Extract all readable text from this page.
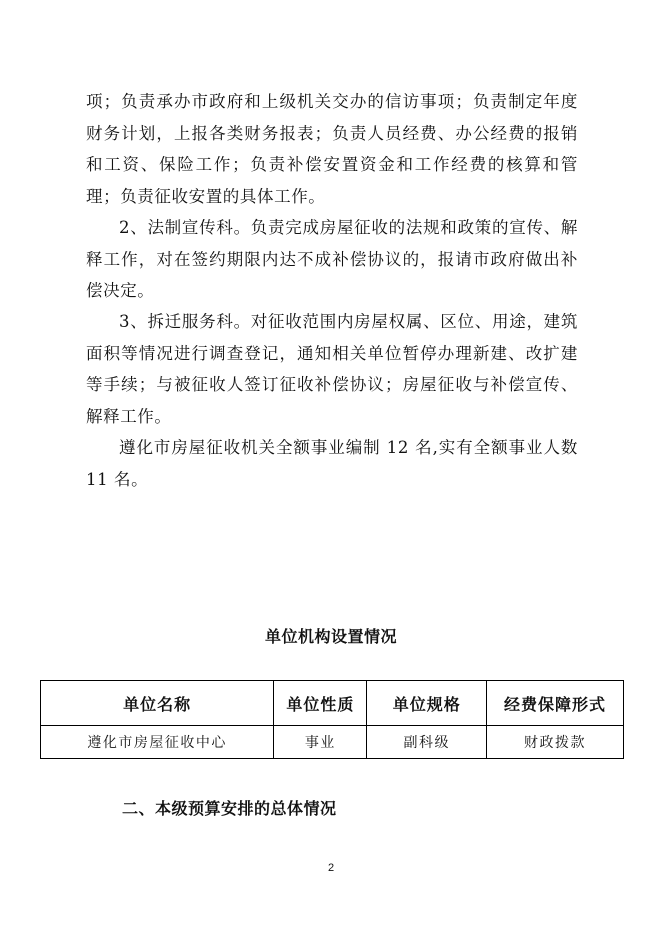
项；负责承办市政府和上级机关交办的信访事项；负责制定年度财务计划，上报各类财务报表；负责人员经费、办公经费的报销和工资、保险工作；负责补偿安置资金和工作经费的核算和管理；负责征收安置的具体工作。

2、法制宣传科。负责完成房屋征收的法规和政策的宣传、解释工作，对在签约期限内达不成补偿协议的，报请市政府做出补偿决定。

3、拆迁服务科。对征收范围内房屋权属、区位、用途，建筑面积等情况进行调查登记，通知相关单位暂停办理新建、改扩建等手续；与被征收人签订征收补偿协议；房屋征收与补偿宣传、解释工作。

遵化市房屋征收机关全额事业编制 12 名,实有全额事业人数 11 名。

单位机构设置情况
单位名称	单位性质	单位规格	经费保障形式
遵化市房屋征收中心	事业	副科级	财政拨款
二、本级预算安排的总体情况
2
